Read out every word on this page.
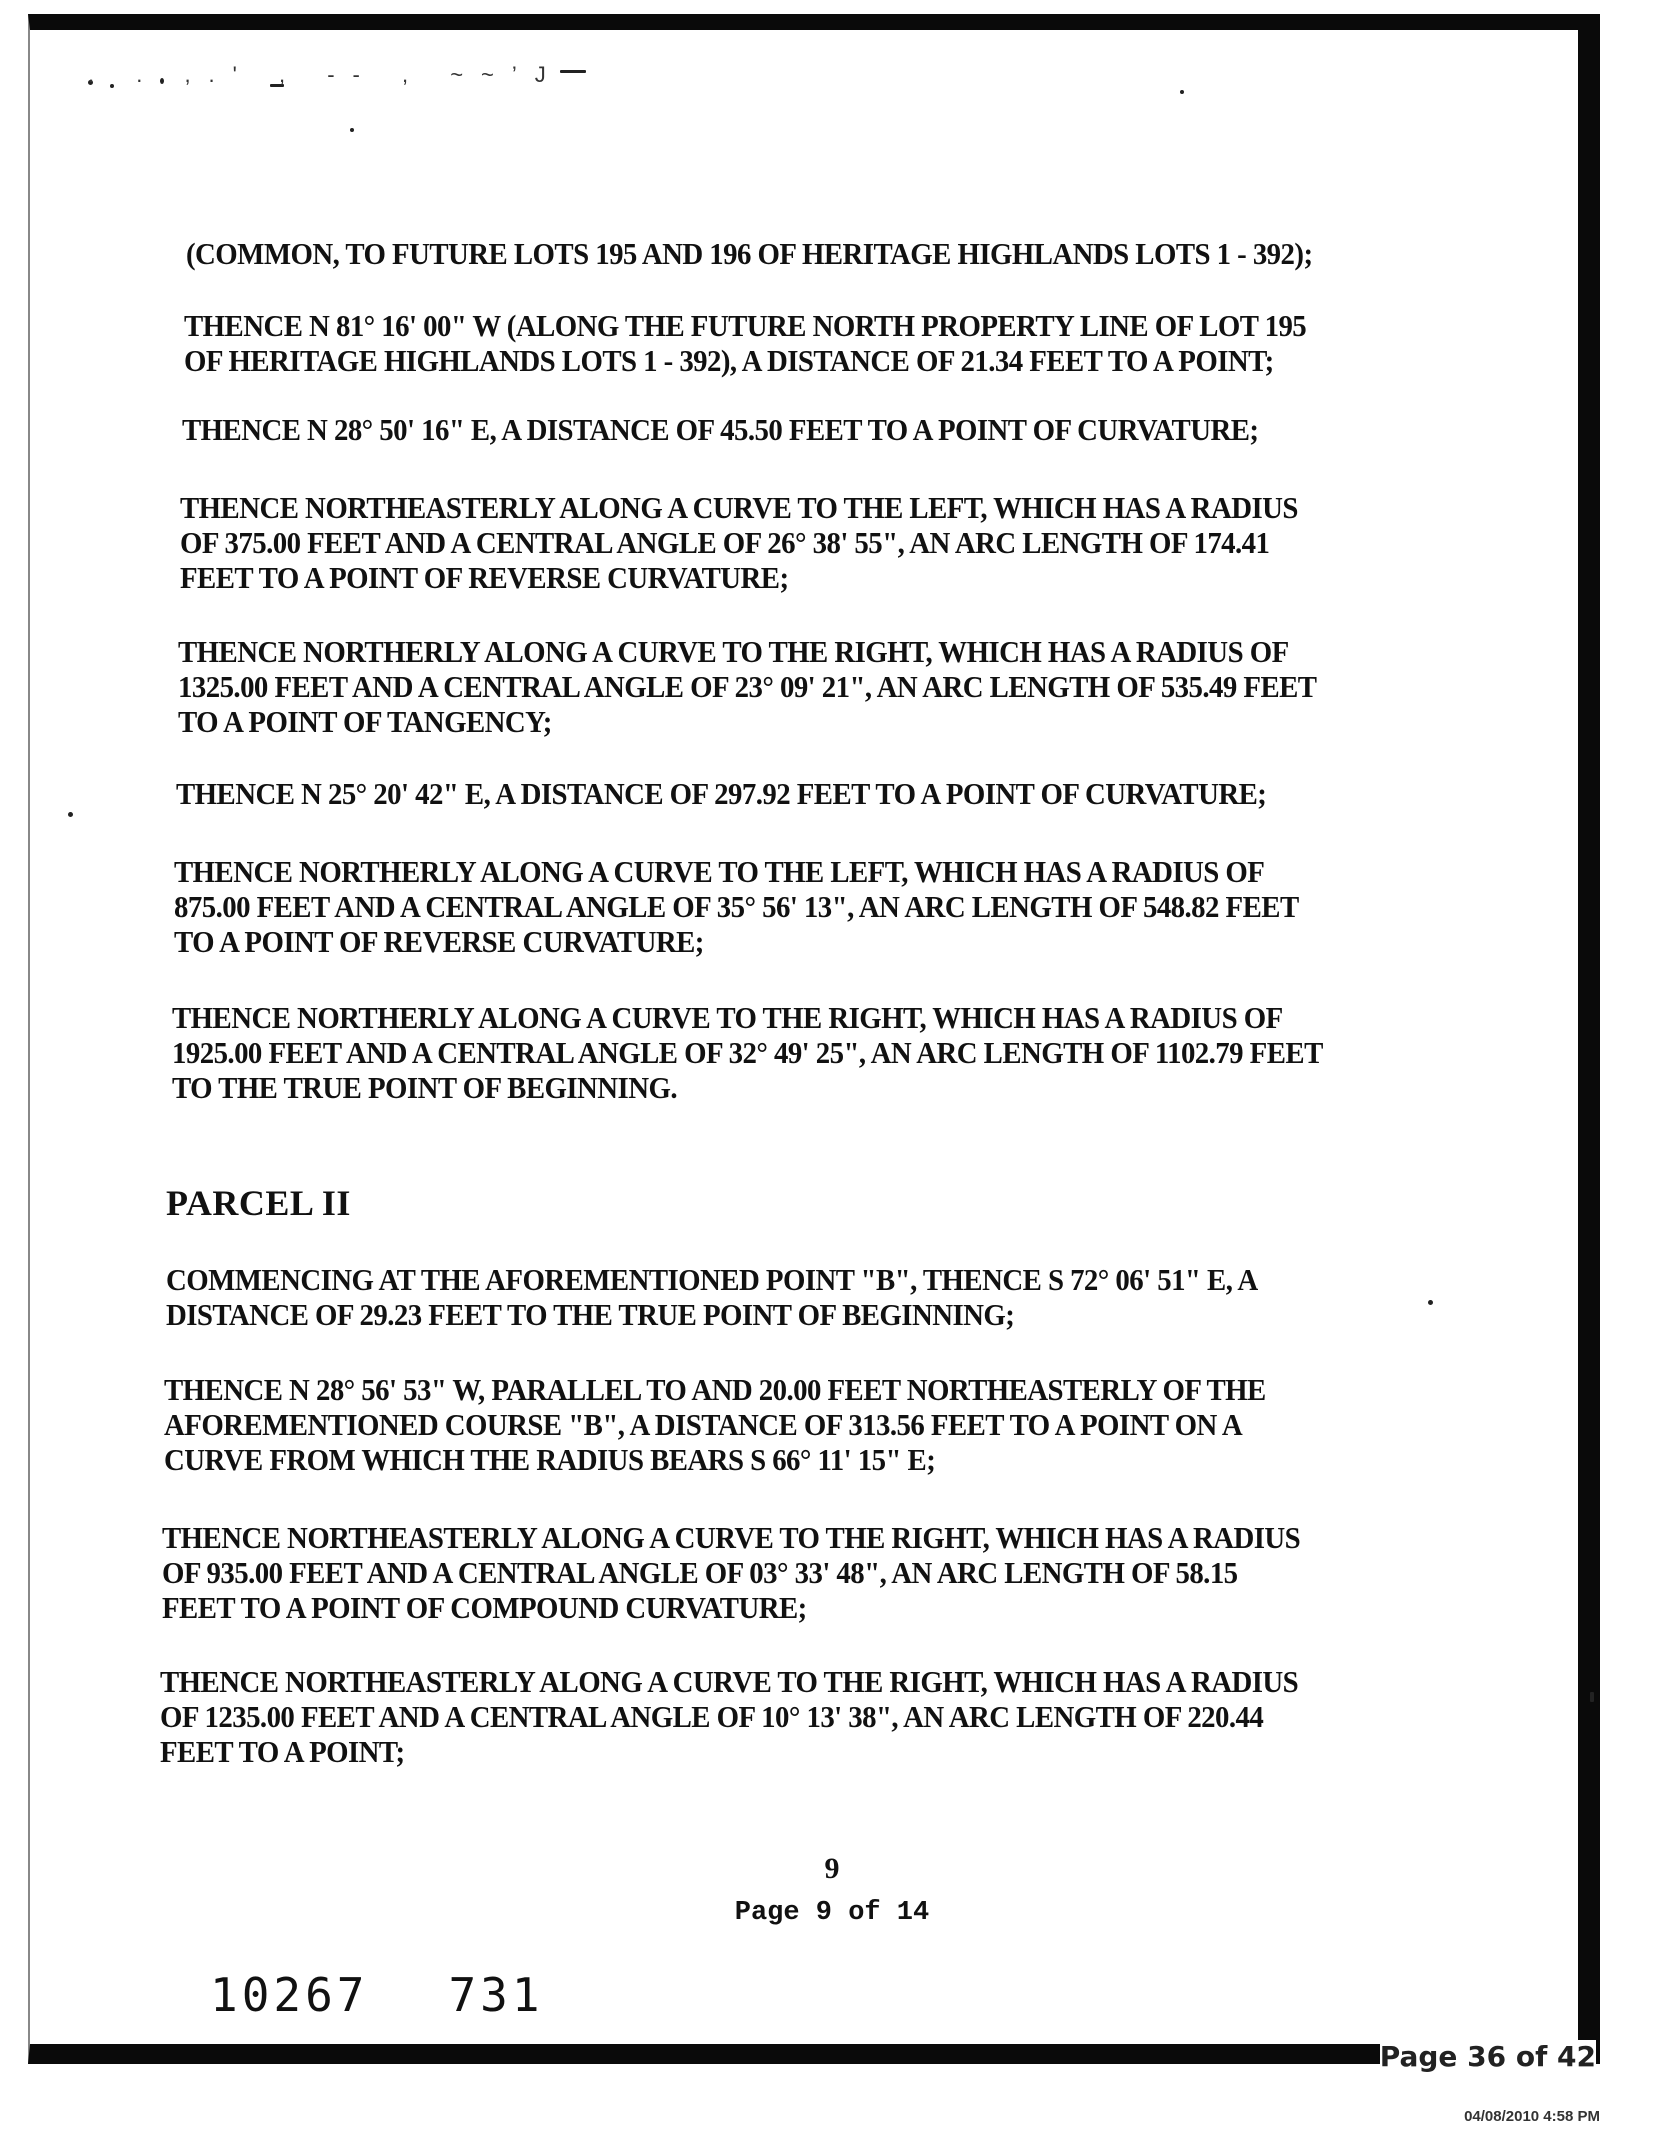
(COMMON, TO FUTURE LOTS 195 AND 196 OF HERITAGE HIGHLANDS LOTS 1 - 392);
THENCE N 81° 16' 00" W (ALONG THE FUTURE NORTH PROPERTY LINE OF LOT 195 OF HERITAGE HIGHLANDS LOTS 1 - 392), A DISTANCE OF 21.34 FEET TO A POINT;
THENCE N 28° 50' 16" E, A DISTANCE OF 45.50 FEET TO A POINT OF CURVATURE;
THENCE NORTHEASTERLY ALONG A CURVE TO THE LEFT, WHICH HAS A RADIUS OF 375.00 FEET AND A CENTRAL ANGLE OF 26° 38' 55", AN ARC LENGTH OF 174.41 FEET TO A POINT OF REVERSE CURVATURE;
THENCE NORTHERLY ALONG A CURVE TO THE RIGHT, WHICH HAS A RADIUS OF 1325.00 FEET AND A CENTRAL ANGLE OF 23° 09' 21", AN ARC LENGTH OF 535.49 FEET TO A POINT OF TANGENCY;
THENCE N 25° 20' 42" E, A DISTANCE OF 297.92 FEET TO A POINT OF CURVATURE;
THENCE NORTHERLY ALONG A CURVE TO THE LEFT, WHICH HAS A RADIUS OF 875.00 FEET AND A CENTRAL ANGLE OF 35° 56' 13", AN ARC LENGTH OF 548.82 FEET TO A POINT OF REVERSE CURVATURE;
THENCE NORTHERLY ALONG A CURVE TO THE RIGHT, WHICH HAS A RADIUS OF 1925.00 FEET AND A CENTRAL ANGLE OF 32° 49' 25", AN ARC LENGTH OF 1102.79 FEET TO THE TRUE POINT OF BEGINNING.
PARCEL II
COMMENCING AT THE AFOREMENTIONED POINT "B", THENCE S 72° 06' 51" E, A DISTANCE OF 29.23 FEET TO THE TRUE POINT OF BEGINNING;
THENCE N 28° 56' 53" W, PARALLEL TO AND 20.00 FEET NORTHEASTERLY OF THE AFOREMENTIONED COURSE "B", A DISTANCE OF 313.56 FEET TO A POINT ON A CURVE FROM WHICH THE RADIUS BEARS S 66° 11' 15" E;
THENCE NORTHEASTERLY ALONG A CURVE TO THE RIGHT, WHICH HAS A RADIUS OF 935.00 FEET AND A CENTRAL ANGLE OF 03° 33' 48", AN ARC LENGTH OF 58.15 FEET TO A POINT OF COMPOUND CURVATURE;
THENCE NORTHEASTERLY ALONG A CURVE TO THE RIGHT, WHICH HAS A RADIUS OF 1235.00 FEET AND A CENTRAL ANGLE OF 10° 13' 38", AN ARC LENGTH OF 220.44 FEET TO A POINT;
9
Page 9 of 14
10267 731
Page 36 of 42
04/08/2010 4:58 PM
. . ,.' , -- , ~~’J
